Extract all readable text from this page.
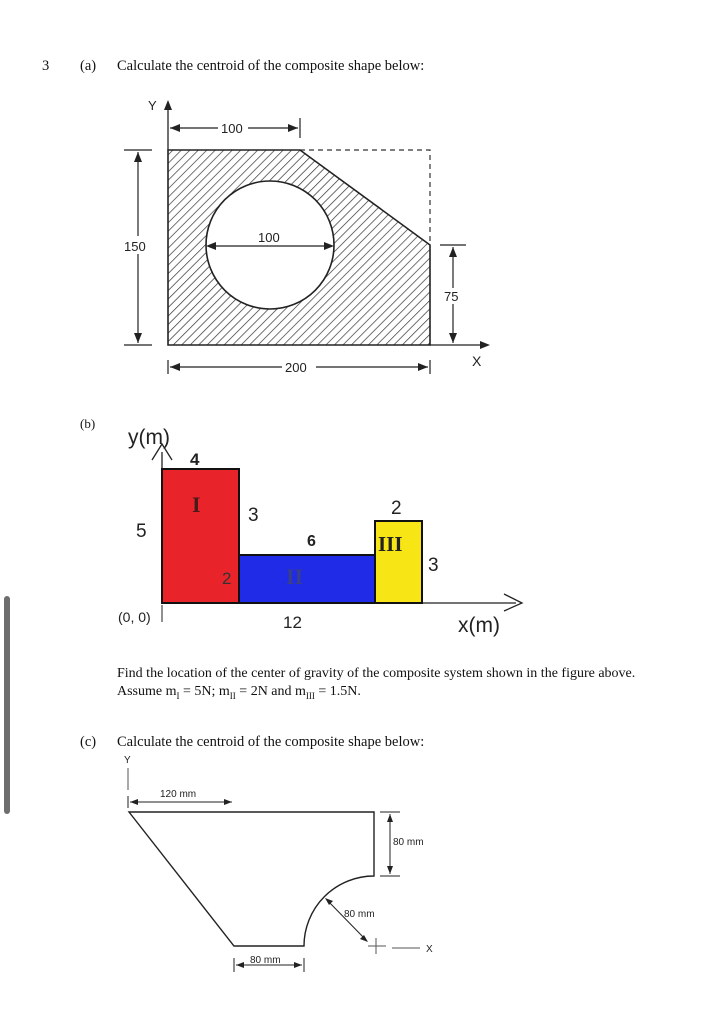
3 (a) Calculate the centroid of the composite shape below:
100
Y
100
150
75
X
200
(b)
y(m)
I
II
III
4
5
3
6
2
2
3
12
(0, 0)	x(m)
Find the location of the center of gravity of the composite system shown in the figure above.
Assume $m_I = 5N$; $m_{II} = 2N$ and $m_{III} = 1.5N$.
(c) Calculate the centroid of the composite shape below:
Y
120 mm
80 mm
80 mm
X
80 mm
